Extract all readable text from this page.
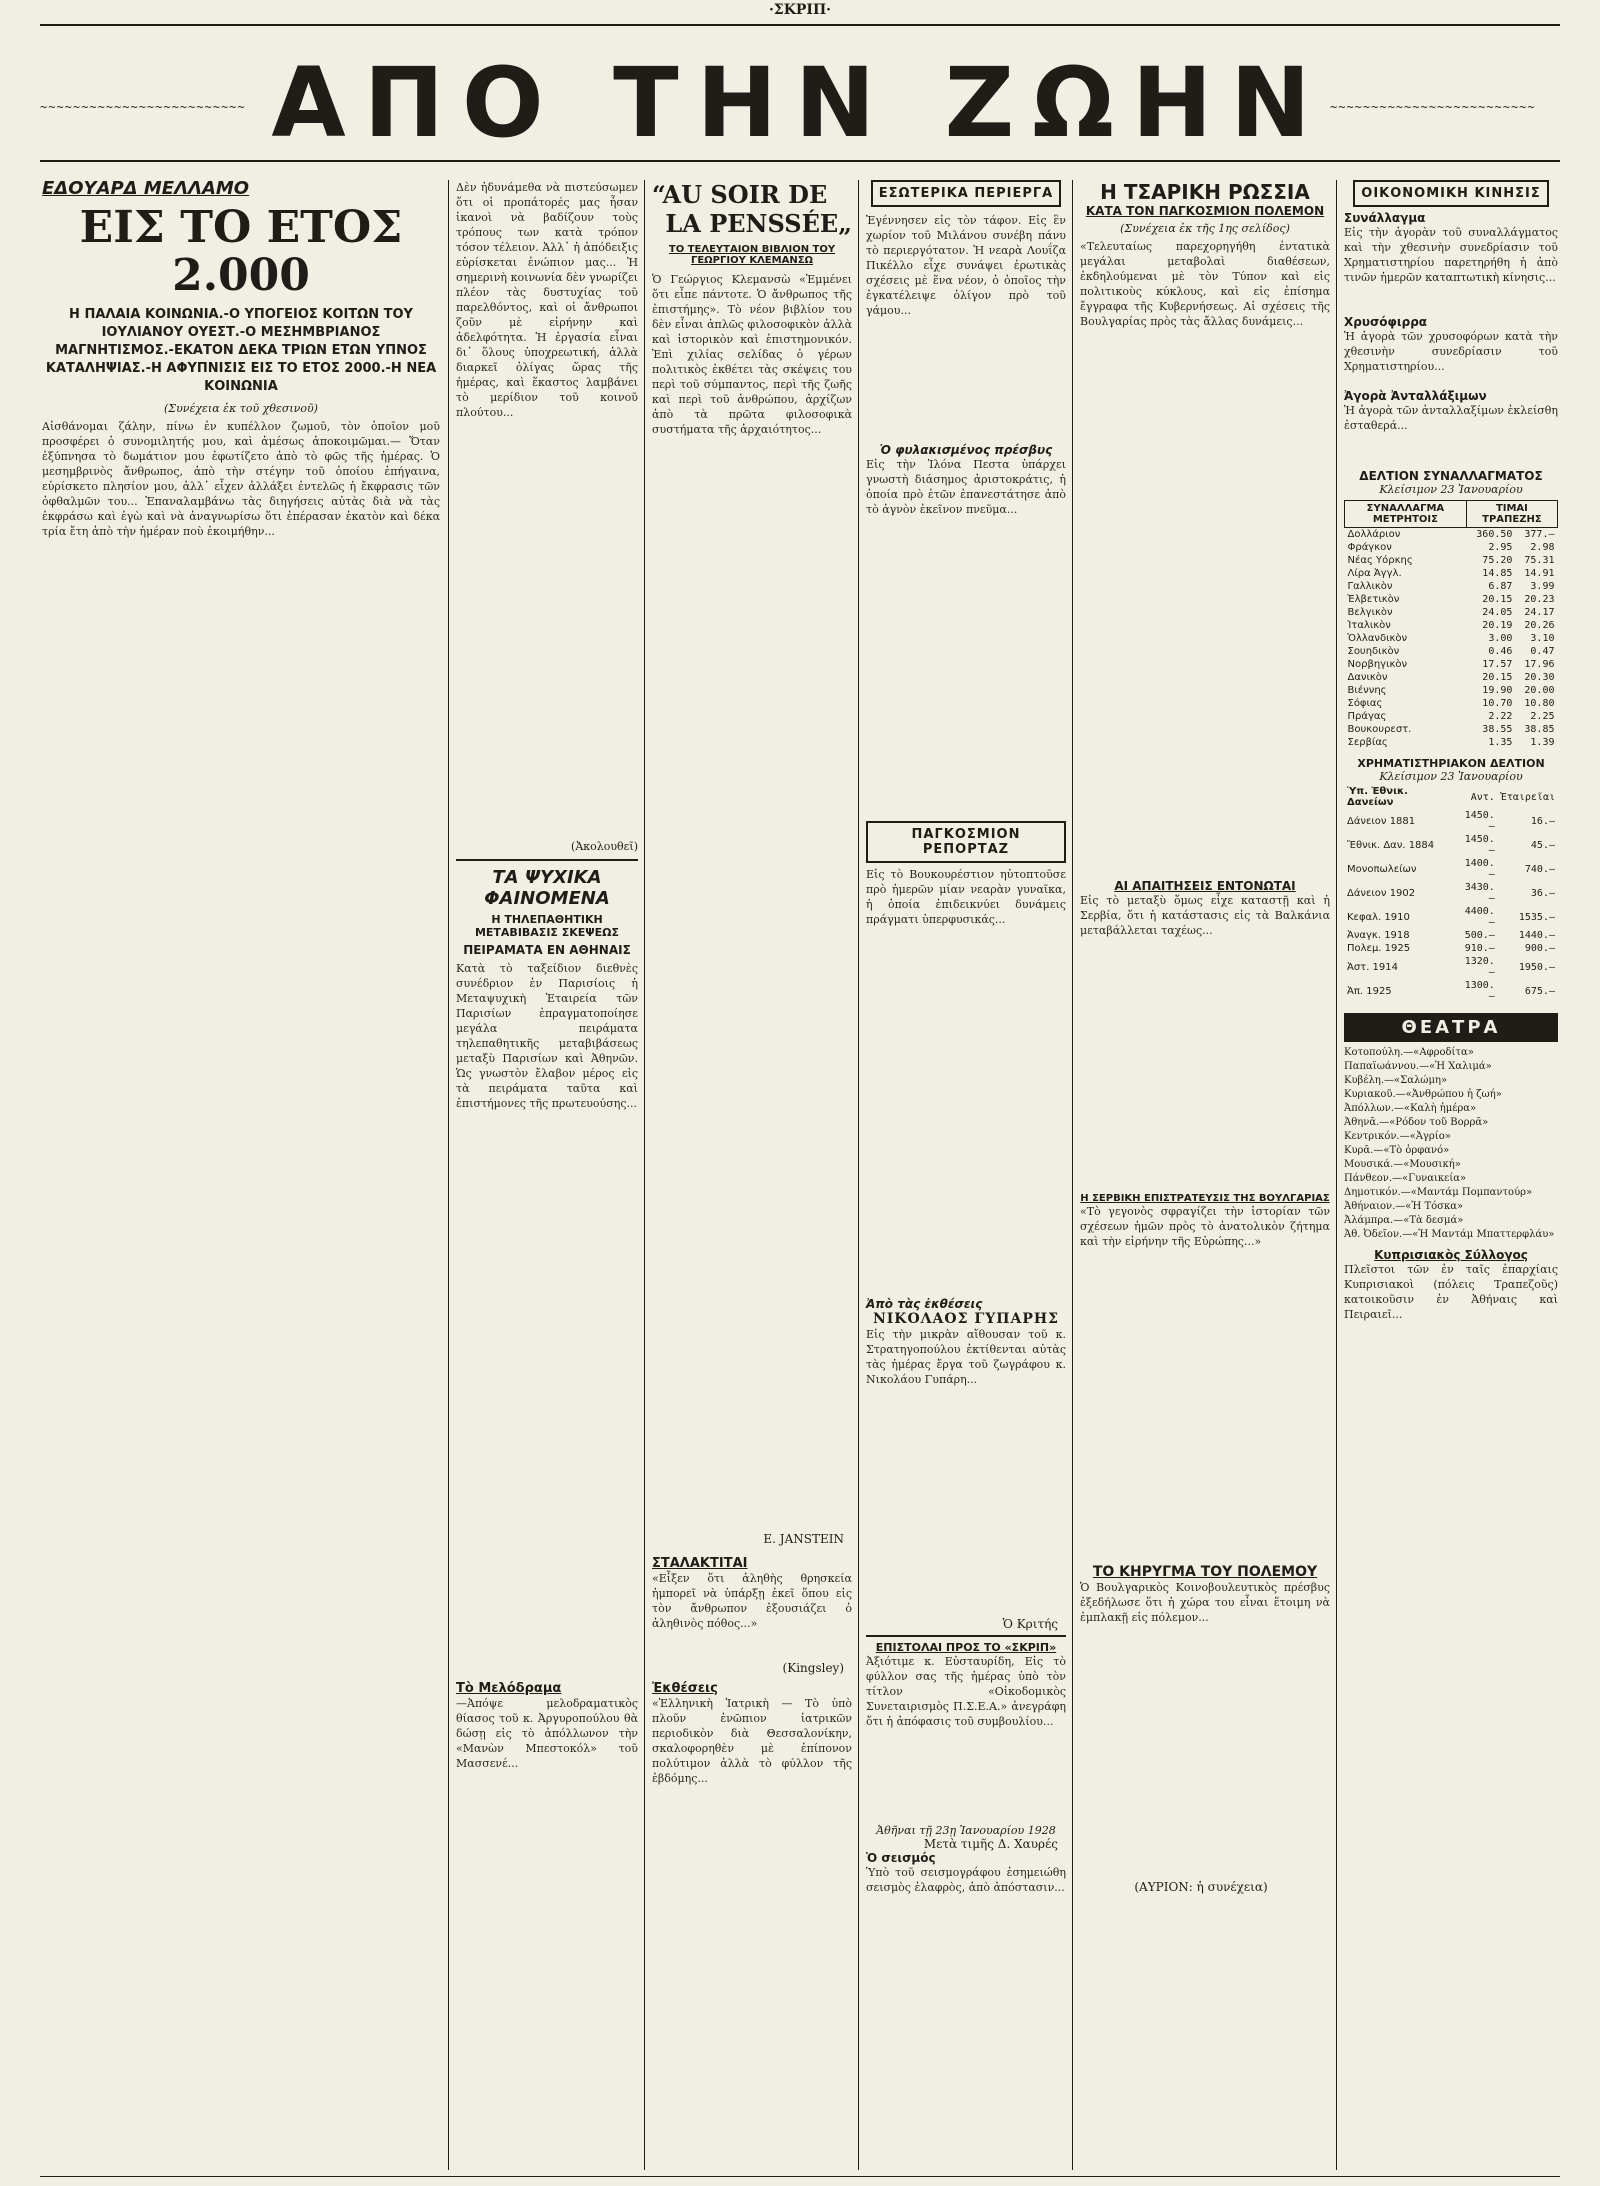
·ΣΚΡΙΠ·
~~~~~~~~~~~~~~~~~~~~~~~~~	~~~~~~~~~~~~~~~~~~~~~~~~~
ΑΠΟ ΤΗΝ ΖΩΗΝ
ΕΔΟΥΑΡΔ ΜΕΛΛΑΜΟ
ΕΙΣ ΤΟ ΕΤΟΣ 2.000
Η ΠΑΛΑΙΑ ΚΟΙΝΩΝΙΑ.-Ο ΥΠΟΓΕΙΟΣ ΚΟΙΤΩΝ ΤΟΥ ΙΟΥΛΙΑΝΟΥ ΟΥΕΣΤ.-Ο ΜΕΣΗΜΒΡΙΑΝΟΣ ΜΑΓΝΗΤΙΣΜΟΣ.-ΕΚΑΤΟΝ ΔΕΚΑ ΤΡΙΩΝ ΕΤΩΝ ΥΠΝΟΣ ΚΑΤΑΛΗΨΙΑΣ.-Η ΑΦΥΠΝΙΣΙΣ ΕΙΣ ΤΟ ΕΤΟΣ 2000.-Η ΝΕΑ ΚΟΙΝΩΝΙΑ
(Συνέχεια ἐκ τοῦ χθεσινοῦ)
Αἰσθάνομαι ζάλην, πίνω ἐν κυπέλλον ζωμοῦ, τὸν ὁποῖον μοῦ προσφέρει ὁ συνομιλητής μου, καὶ ἀμέσως ἀποκοιμῶμαι.— Ὅταν ἐξύπνησα τὸ δωμάτιον μου ἐφωτίζετο ἀπὸ τὸ φῶς τῆς ἡμέρας. Ὁ μεσημβρινὸς ἄνθρωπος, ἀπὸ τὴν στέγην τοῦ ὁποίου ἐπήγαινα, εὑρίσκετο πλησίον μου, ἀλλ᾽ εἶχεν ἀλλάξει ἐντελῶς ἡ ἔκφρασις τῶν ὀφθαλμῶν του... Ἐπαναλαμβάνω τὰς διηγήσεις αὐτὰς διὰ νὰ τὰς ἐκφράσω καὶ ἐγὼ καὶ νὰ ἀναγνωρίσω ὅτι ἐπέρασαν ἑκατὸν καὶ δέκα τρία ἔτη ἀπὸ τὴν ἡμέραν ποὺ ἐκοιμήθην...
Δὲν ἠδυνάμεθα νὰ πιστεύσωμεν ὅτι οἱ προπάτορές μας ἦσαν ἱκανοὶ νὰ βαδίζουν τοὺς τρόπους των κατὰ τρόπον τόσον τέλειον. Ἀλλ᾽ ἡ ἀπόδειξις εὑρίσκεται ἐνώπιον μας... Ἡ σημερινὴ κοινωνία δὲν γνωρίζει πλέον τὰς δυστυχίας τοῦ παρελθόντος, καὶ οἱ ἄνθρωποι ζοῦν μὲ εἰρήνην καὶ ἀδελφότητα. Ἡ ἐργασία εἶναι δι᾽ ὅλους ὑποχρεωτική, ἀλλὰ διαρκεῖ ὀλίγας ὥρας τῆς ἡμέρας, καὶ ἕκαστος λαμβάνει τὸ μερίδιον τοῦ κοινοῦ πλούτου...
(Ἀκολουθεῖ)
ΤΑ ΨΥΧΙΚΑ ΦΑΙΝΟΜΕΝΑ
Η ΤΗΛΕΠΑΘΗΤΙΚΗ ΜΕΤΑΒΙΒΑΣΙΣ ΣΚΕΨΕΩΣ
ΠΕΙΡΑΜΑΤΑ ΕΝ ΑΘΗΝΑΙΣ
Κατὰ τὸ ταξείδιον διεθνὲς συνέδριον ἐν Παρισίοις ἡ Μεταψυχικὴ Ἑταιρεία τῶν Παρισίων ἐπραγματοποίησε μεγάλα πειράματα τηλεπαθητικῆς μεταβιβάσεως μεταξὺ Παρισίων καὶ Ἀθηνῶν. Ὡς γνωστὸν ἔλαβον μέρος εἰς τὰ πειράματα ταῦτα καὶ ἐπιστήμονες τῆς πρωτευούσης...
Τὸ Μελόδραμα
—Ἀπόψε μελοδραματικὸς θίασος τοῦ κ. Ἀργυροπούλου θὰ δώσῃ εἰς τὸ ἀπόλλωνον τὴν «Μανὼν Μπεστοκόλ» τοῦ Μασσενέ...
“AU SOIR DE
LA PENSSÉE„
ΤΟ ΤΕΛΕΥΤΑΙΟΝ ΒΙΒΛΙΟΝ ΤΟΥ ΓΕΩΡΓΙΟΥ ΚΛΕΜΑΝΣΩ
Ὁ Γεώργιος Κλεμανσὼ «Ἐμμένει ὅτι εἶπε πάντοτε. Ὁ ἄνθρωπος τῆς ἐπιστήμης». Τὸ νέον βιβλίον του δὲν εἶναι ἁπλῶς φιλοσοφικὸν ἀλλὰ καὶ ἱστορικὸν καὶ ἐπιστημονικόν. Ἐπὶ χιλίας σελίδας ὁ γέρων πολιτικὸς ἐκθέτει τὰς σκέψεις του περὶ τοῦ σύμπαντος, περὶ τῆς ζωῆς καὶ περὶ τοῦ ἀνθρώπου, ἀρχίζων ἀπὸ τὰ πρῶτα φιλοσοφικὰ συστήματα τῆς ἀρχαιότητος...
E. JANSTEIN
ΣΤΑΛΑΚΤΙΤΑΙ
«Εἶξεν ὅτι ἀληθὴς θρησκεία ἠμπορεῖ νὰ ὑπάρξῃ ἐκεῖ ὅπου εἰς τὸν ἄνθρωπον ἐξουσιάζει ὁ ἀληθινὸς πόθος...»
(Kingsley)
Ἐκθέσεις
«Ἑλληνικὴ Ἰατρικὴ — Τὸ ὑπὸ πλοῦν ἐνῶπιον ἰατρικῶν περιοδικὸν διὰ Θεσσαλονίκην, σκαλοφορηθὲν μὲ ἐπίπονον πολύτιμον ἀλλὰ τὸ φύλλον τῆς ἑβδόμης...
ΕΣΩΤΕΡΙΚΑ ΠΕΡΙΕΡΓΑ
Ἐγέννησεν εἰς τὸν τάφον. Εἰς ἓν χωρίον τοῦ Μιλάνου συνέβη πάνυ τὸ περιεργότατον. Ἡ νεαρὰ Λουΐζα Πικέλλο εἶχε συνάψει ἐρωτικὰς σχέσεις μὲ ἕνα νέον, ὁ ὁποῖος τὴν ἐγκατέλειψε ὀλίγον πρὸ τοῦ γάμου...
Ὁ φυλακισμένος πρέσβυς
Εἰς τὴν Ἰλόνα Πεστα ὑπάρχει γνωστὴ διάσημος ἀριστοκράτις, ἡ ὁποία πρὸ ἐτῶν ἐπανεστάτησε ἀπὸ τὸ ἀγνὸν ἐκεῖνον πνεῦμα...
ΠΑΓΚΟΣΜΙΟΝ ΡΕΠΟΡΤΑΖ
Εἰς τὸ Βουκουρέστιον ηὑτοπτοῦσε πρὸ ἡμερῶν μίαν νεαρὰν γυναῖκα, ἡ ὁποία ἐπιδεικνύει δυνάμεις πράγματι ὑπερφυσικάς...
Ἀπὸ τὰς ἐκθέσεις
ΝΙΚΟΛΑΟΣ ΓΥΠΑΡΗΣ
Εἰς τὴν μικρὰν αἴθουσαν τοῦ κ. Στρατηγοπούλου ἐκτίθενται αὐτὰς τὰς ἡμέρας ἔργα τοῦ ζωγράφου κ. Νικολάου Γυπάρη...
Ὁ Κριτής
ΕΠΙΣΤΟΛΑΙ ΠΡΟΣ ΤΟ «ΣΚΡΙΠ»
Ἀξιότιμε κ. Εὐσταυρίδη, Εἰς τὸ φύλλον σας τῆς ἡμέρας ὑπὸ τὸν τίτλον «Οἰκοδομικὸς Συνεταιρισμὸς Π.Σ.Ε.Α.» ἀνεγράφη ὅτι ἡ ἀπόφασις τοῦ συμβουλίου...
Ἀθῆναι τῇ 23ῃ Ἰανουαρίου 1928
Μετὰ τιμῆς Δ. Χαυρές
Ὁ σεισμός
Ὑπὸ τοῦ σεισμογράφου ἐσημειώθη σεισμὸς ἐλαφρὸς, ἀπὸ ἀπόστασιν...
Η ΤΣΑΡΙΚΗ ΡΩΣΣΙΑ
ΚΑΤΑ ΤΟΝ ΠΑΓΚΟΣΜΙΟΝ ΠΟΛΕΜΟΝ
(Συνέχεια ἐκ τῆς 1ης σελίδος)
«Τελευταίως παρεχορηγήθη ἐντατικὰ μεγάλαι μεταβολαὶ διαθέσεων, ἐκδηλούμεναι μὲ τὸν Τύπον καὶ εἰς πολιτικοὺς κύκλους, καὶ εἰς ἐπίσημα ἔγγραφα τῆς Κυβερνήσεως. Αἱ σχέσεις τῆς Βουλγαρίας πρὸς τὰς ἄλλας δυνάμεις...
ΑΙ ΑΠΑΙΤΗΣΕΙΣ ΕΝΤΟΝΩΤΑΙ
Εἰς τὸ μεταξὺ ὅμως εἶχε καταστῇ καὶ ἡ Σερβία, ὅτι ἡ κατάστασις εἰς τὰ Βαλκάνια μεταβάλλεται ταχέως...
Η ΣΕΡΒΙΚΗ ΕΠΙΣΤΡΑΤΕΥΣΙΣ ΤΗΣ ΒΟΥΛΓΑΡΙΑΣ
«Τὸ γεγονὸς σφραγίζει τὴν ἱστορίαν τῶν σχέσεων ἡμῶν πρὸς τὸ ἀνατολικὸν ζήτημα καὶ τὴν εἰρήνην τῆς Εὐρώπης...»
ΤΟ ΚΗΡΥΓΜΑ ΤΟΥ ΠΟΛΕΜΟΥ
Ὁ Βουλγαρικὸς Κοινοβουλευτικὸς πρέσβυς ἐξεδήλωσε ὅτι ἡ χώρα του εἶναι ἕτοιμη νὰ ἐμπλακῇ εἰς πόλεμον...
(ΑΥΡΙΟΝ: ἡ συνέχεια)
ΟΙΚΟΝΟΜΙΚΗ ΚΙΝΗΣΙΣ
Συνάλλαγμα
Εἰς τὴν ἀγορὰν τοῦ συναλλάγματος καὶ τὴν χθεσινὴν συνεδρίασιν τοῦ Χρηματιστηρίου παρετηρήθη ἡ ἀπὸ τινῶν ἡμερῶν καταπτωτικὴ κίνησις...
Χρυσόφιρρα
Ἡ ἀγορὰ τῶν χρυσοφόρων κατὰ τὴν χθεσινὴν συνεδρίασιν τοῦ Χρηματιστηρίου...
Ἀγορὰ Ἀνταλλάξιμων
Ἡ ἀγορὰ τῶν ἀνταλλαξίμων ἐκλείσθη ἐσταθερά...
ΔΕΛΤΙΟΝ ΣΥΝΑΛΛΑΓΜΑΤΟΣ
Κλείσιμον 23 Ἰανουαρίου
ΣΥΝΑΛΛΑΓΜΑ ΜΕΤΡΗΤΟΙΣ	ΤΙΜΑΙ ΤΡΑΠΕΖΗΣ	
Δολλάριον	360.50	377.—
Φράγκον	2.95	2.98
Νέας Υόρκης	75.20	75.31
Λίρα Ἀγγλ.	14.85	14.91
Γαλλικὸν	6.87	3.99
Ἑλβετικὸν	20.15	20.23
Βελγικὸν	24.05	24.17
Ἰταλικὸν	20.19	20.26
Ὁλλανδικὸν	3.00	3.10
Σουηδικὸν	0.46	0.47
Νορβηγικὸν	17.57	17.96
Δανικὸν	20.15	20.30
Βιέννης	19.90	20.00
Σόφιας	10.70	10.80
Πράγας	2.22	2.25
Βουκουρεστ.	38.55	38.85
Σερβίας	1.35	1.39
ΧΡΗΜΑΤΙΣΤΗΡΙΑΚΟΝ ΔΕΛΤΙΟΝ
Κλείσιμον 23 Ἰανουαρίου
Ὑπ. Ἐθνικ. Δανείων	Αντ.	Ἐταιρεῖαι
Δάνειον 1881	1450.—	16.—
Ἔθνικ. Δαν. 1884	1450.—	45.—
Μονοπωλείων	1400.—	740.—
Δάνειον 1902	3430.—	36.—
Κεφαλ. 1910	4400.—	1535.—
Ἀναγκ. 1918	500.—	1440.—
Πολεμ. 1925	910.—	900.—
Ἀστ. 1914	1320.—	1950.—
Ἀπ. 1925	1300.—	675.—
ΘΕΑΤΡΑ
Κοτοπούλη.—«Αφροδίτα»
Παπαϊωάννου.—«Ἡ Χαλιμά»
Κυβέλη.—«Σαλώμη»
Κυριακοῦ.—«Ἀνθρώπου ἡ ζωή»
Ἀπόλλων.—«Καλὴ ἡμέρα»
Ἀθηνᾶ.—«Ρόδον τοῦ Βορρᾶ»
Κεντρικόν.—«Ἀγρίο»
Κυρᾶ.—«Τὸ ὀρφανό»
Μουσικά.—«Μουσική»
Πάνθεον.—«Γυναικεία»
Δημοτικόν.—«Μαντάμ Πομπαντούρ»
Ἀθήναιον.—«Ἡ Τόσκα»
Ἀλάμπρα.—«Τὰ δεσμά»
Ἀθ. Ὀδεῖον.—«Ἡ Μαντάμ Μπαττερφλάυ»
Κυπρισιακὸς Σύλλογος
Πλεῖστοι τῶν ἐν ταῖς ἐπαρχίαις Κυπρισιακοὶ (πόλεις Τραπεζοῦς) κατοικοῦσιν ἐν Ἀθήναις καὶ Πειραιεῖ...
